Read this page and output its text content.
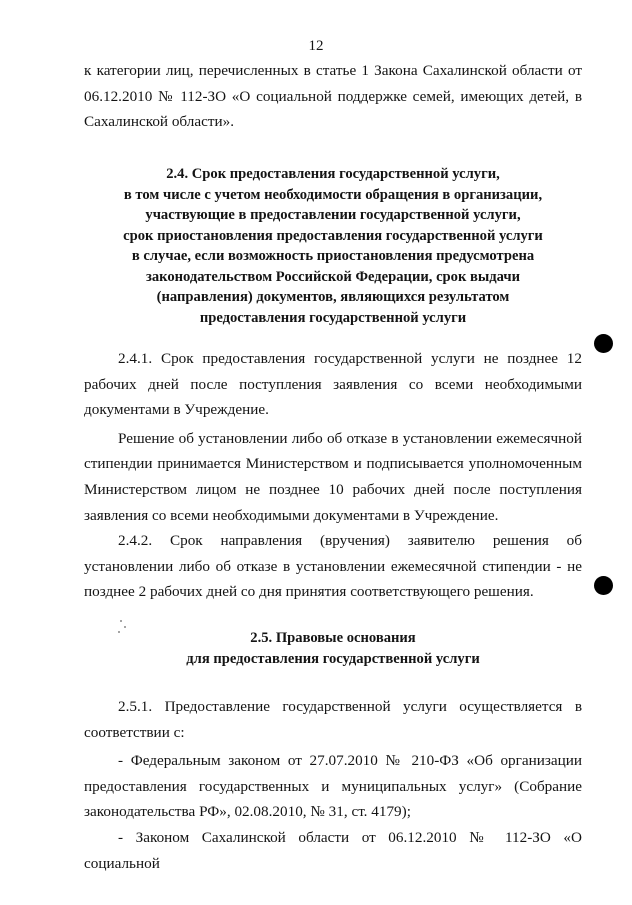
12

к категории лиц, перечисленных в статье 1 Закона Сахалинской области от 06.12.2010 № 112-ЗО «О социальной поддержке семей, имеющих детей, в Сахалинской области».

2.4. Срок предоставления государственной услуги,
в том числе с учетом необходимости обращения в организации,
участвующие в предоставлении государственной услуги,
срок приостановления предоставления государственной услуги
в случае, если возможность приостановления предусмотрена
законодательством Российской Федерации, срок выдачи
(направления) документов, являющихся результатом
предоставления государственной услуги

2.4.1. Срок предоставления государственной услуги не позднее 12 рабочих дней после поступления заявления со всеми необходимыми документами в Учреждение.

Решение об установлении либо об отказе в установлении ежемесячной стипендии принимается Министерством и подписывается уполномоченным Министерством лицом не позднее 10 рабочих дней после поступления заявления со всеми необходимыми документами в Учреждение.

2.4.2. Срок направления (вручения) заявителю решения об установлении либо об отказе в установлении ежемесячной стипендии - не позднее 2 рабочих дней со дня принятия соответствующего решения.

2.5. Правовые основания
для предоставления государственной услуги

2.5.1. Предоставление государственной услуги осуществляется в соответствии с:

- Федеральным законом от 27.07.2010 № 210-ФЗ «Об организации предоставления государственных и муниципальных услуг» (Собрание законодательства РФ», 02.08.2010, № 31, ст. 4179);

- Законом Сахалинской области от 06.12.2010 № 112-ЗО «О социальной
